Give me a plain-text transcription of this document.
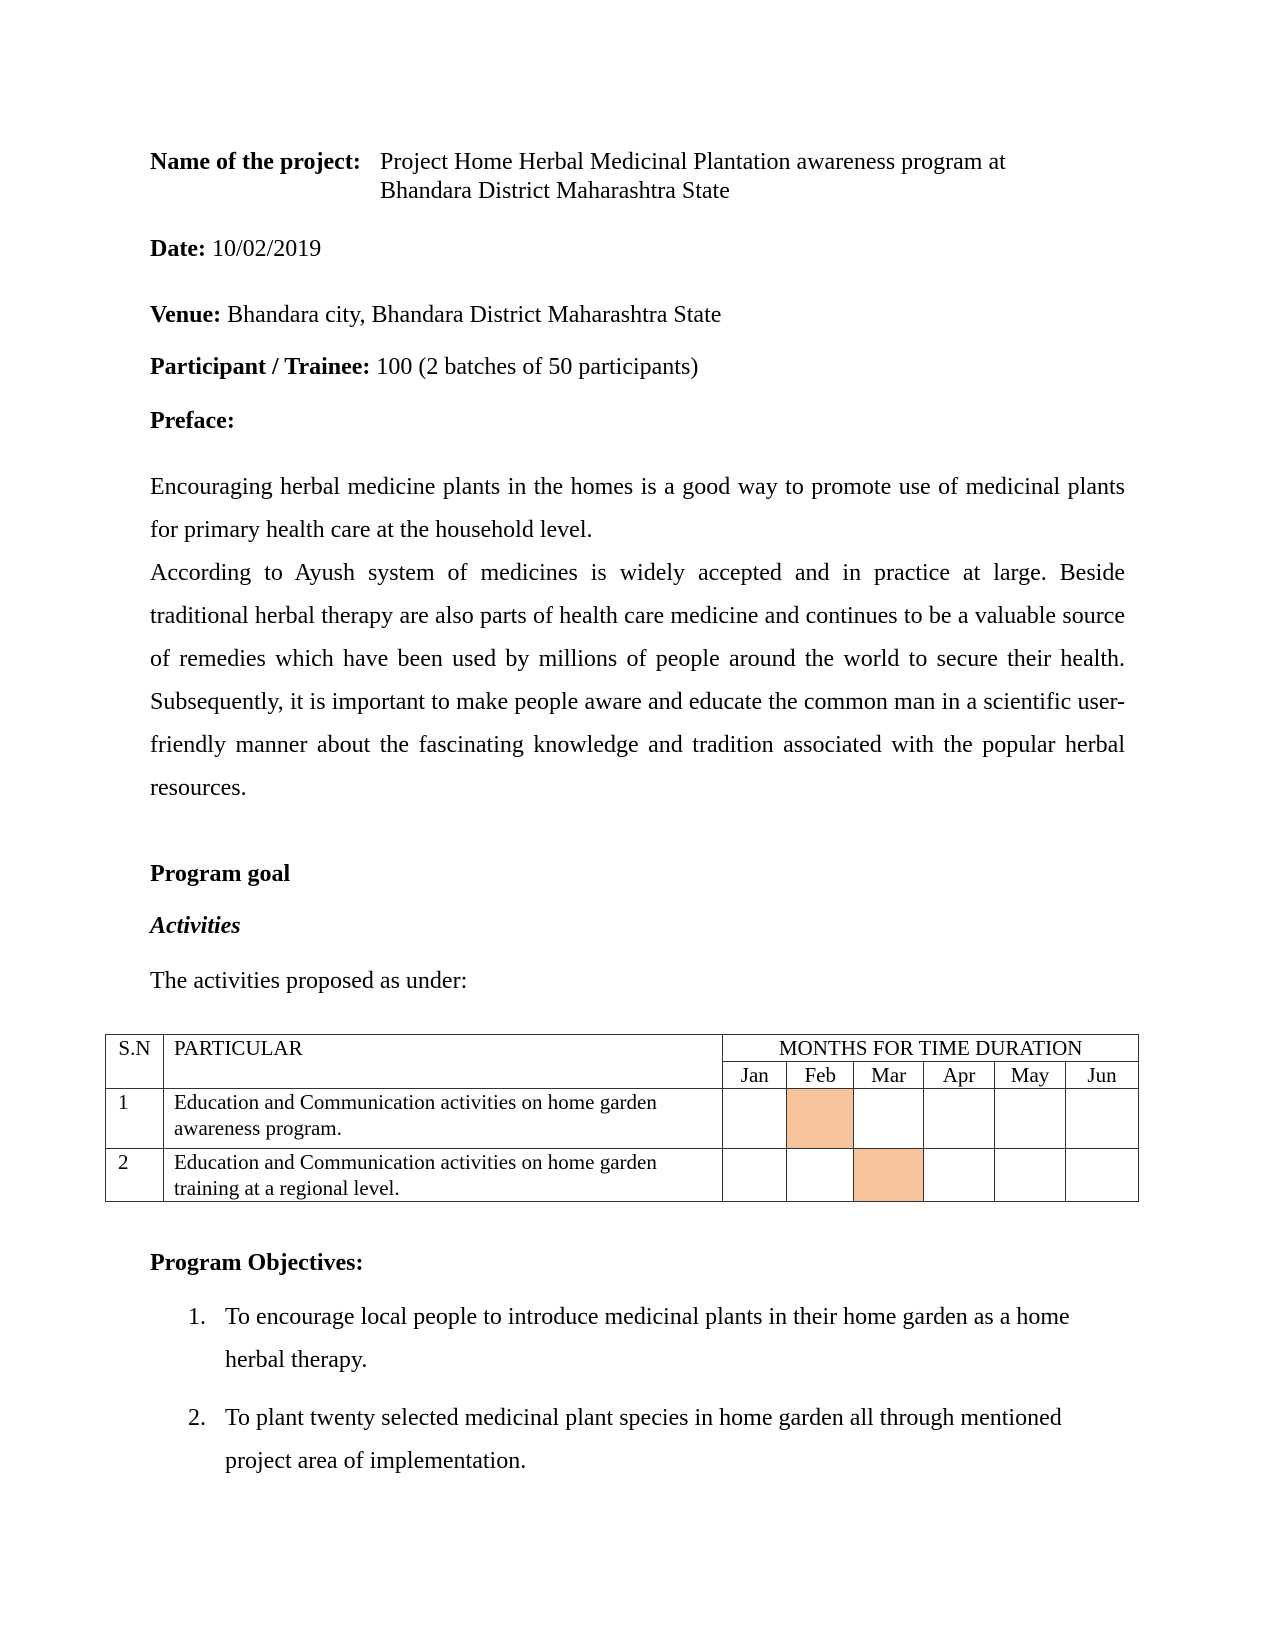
Name of the project: Project Home Herbal Medicinal Plantation awareness program at
Bhandara District Maharashtra State
Date: 10/02/2019
Venue: Bhandara city, Bhandara District Maharashtra State
Participant / Trainee: 100 (2 batches of 50 participants)
Preface:

Encouraging herbal medicine plants in the homes is a good way to promote use of medicinal plants for primary health care at the household level.

According to Ayush system of medicines is widely accepted and in practice at large. Beside traditional herbal therapy are also parts of health care medicine and continues to be a valuable source of remedies which have been used by millions of people around the world to secure their health. Subsequently, it is important to make people aware and educate the common man in a scientific user-friendly manner about the fascinating knowledge and tradition associated with the popular herbal resources.

Program goal
Activities
The activities proposed as under:
S.N	PARTICULAR	MONTHS FOR TIME DURATION					
		Jan	Feb	Mar	Apr	May	Jun
1	Education and Communication activities on home garden
awareness program.						

2	Education and Communication activities on home garden
training at a regional level.						

Program Objectives:
1. To encourage local people to introduce medicinal plants in their home garden as a home
herbal therapy.
2. To plant twenty selected medicinal plant species in home garden all through mentioned
project area of implementation.
